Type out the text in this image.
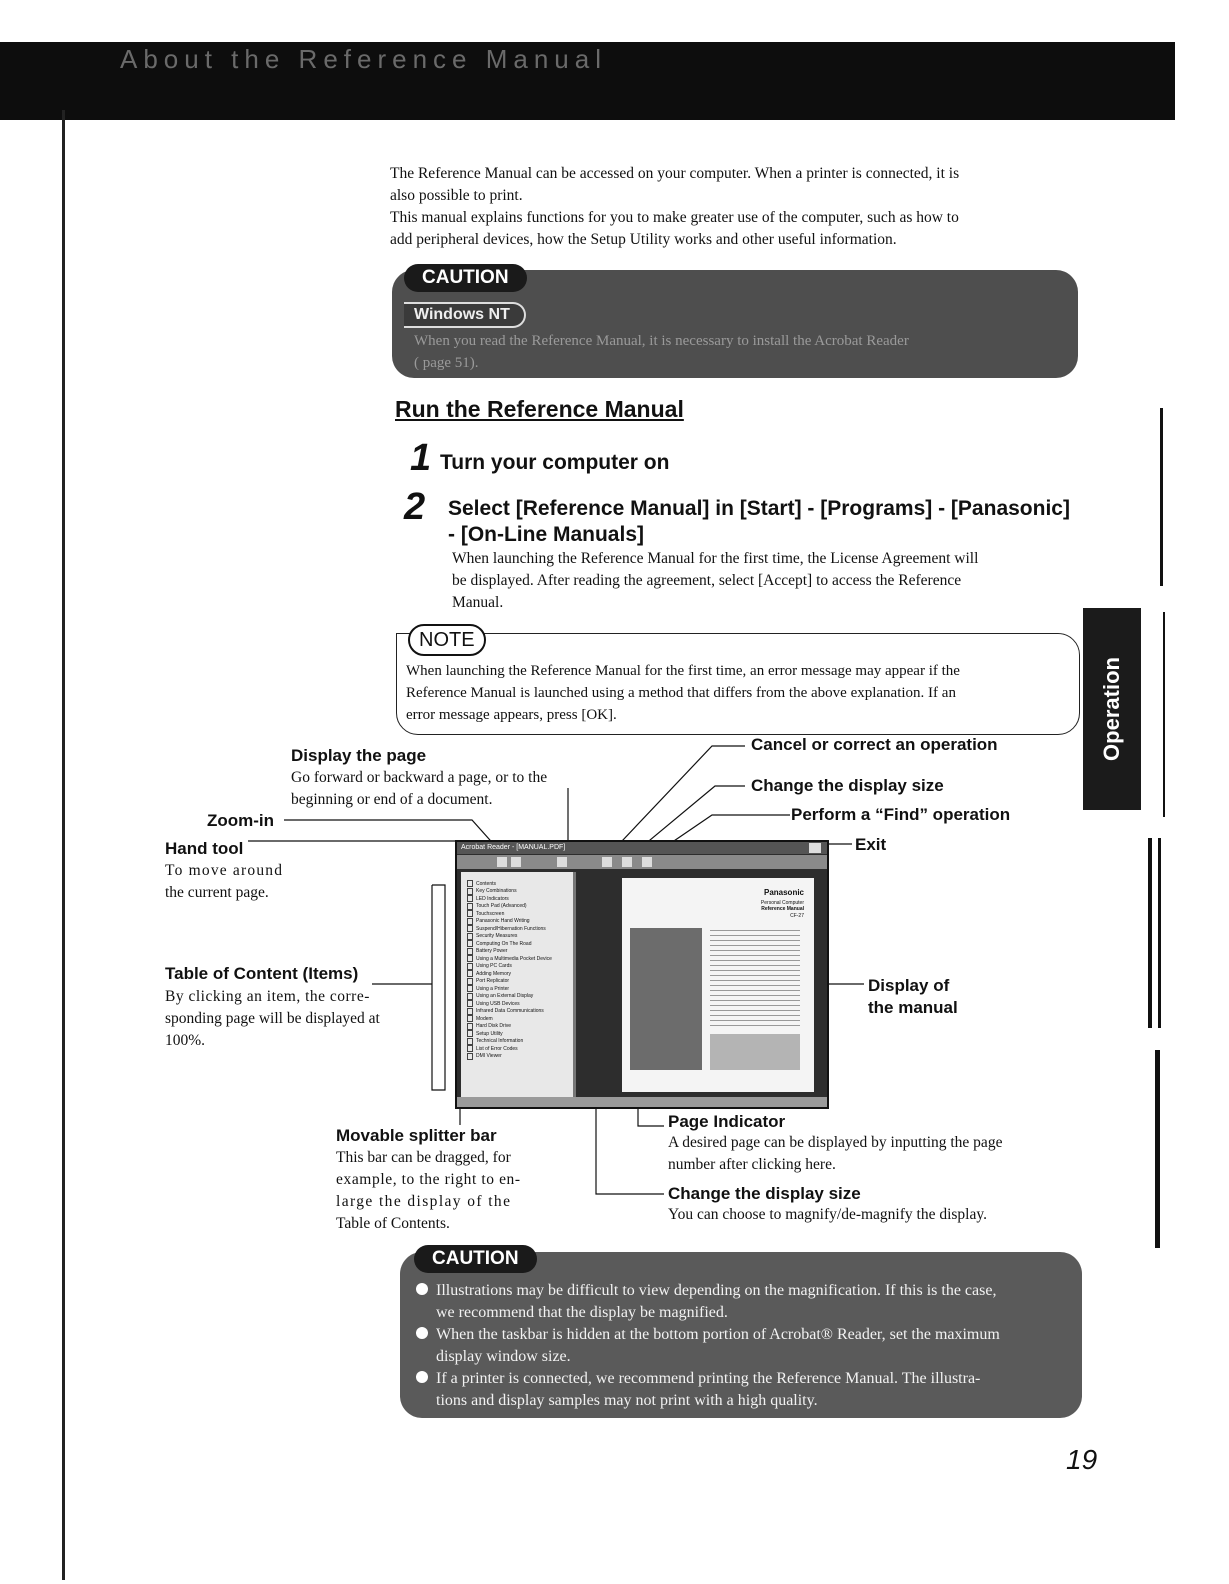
About the Reference Manual
The Reference Manual can be accessed on your computer. When a printer is connected, it is
also possible to print.
This manual explains functions for you to make greater use of the computer, such as how to
add peripheral devices, how the Setup Utility works and other useful information.
CAUTION
Windows NT
When you read the Reference Manual, it is necessary to install the Acrobat Reader
( page 51).
Run the Reference Manual
1 Turn your computer on
2 Select [Reference Manual] in [Start] - [Programs] - [Panasonic]
- [On-Line Manuals]
When launching the Reference Manual for the first time, the License Agreement will
be displayed. After reading the agreement, select [Accept] to access the Reference
Manual.
NOTE
When launching the Reference Manual for the first time, an error message may appear if the
Reference Manual is launched using a method that differs from the above explanation. If an
error message appears, press [OK].
Display the page
Go forward or backward a page, or to the
beginning or end of a document.
Zoom-in
Hand tool
To move around
the current page.
Table of Content (Items)
By clicking an item, the corre-
sponding page will be displayed at
100%.
Cancel or correct an operation
Change the display size
Perform a “Find” operation
Exit
Display of
the manual
Movable splitter bar
This bar can be dragged, for
example, to the right to en-
large the display of the
Table of Contents.
Page Indicator
A desired page can be displayed by inputting the page
number after clicking here.
Change the display size
You can choose to magnify/de-magnify the display.
Acrobat Reader - [MANUAL.PDF]
Contents
Key Combinations
LED Indicators
Touch Pad (Advanced)
Touchscreen
Panasonic Hand Writing
Suspend/Hibernation Functions
Security Measures
Computing On The Road
Battery Power
Using a Multimedia Pocket Device
Using PC Cards
Adding Memory
Port Replicator
Using a Printer
Using an External Display
Using USB Devices
Infrared Data Communications
Modem
Hard Disk Drive
Setup Utility
Technical Information
List of Error Codes
DMI Viewer
Panasonic
Personal Computer
Reference Manual
CF-27
Operation
CAUTION
Illustrations may be difficult to view depending on the magnification. If this is the case,
we recommend that the display be magnified.
When the taskbar is hidden at the bottom portion of Acrobat® Reader, set the maximum
display window size.
If a printer is connected, we recommend printing the Reference Manual. The illustra-
tions and display samples may not print with a high quality.
19
